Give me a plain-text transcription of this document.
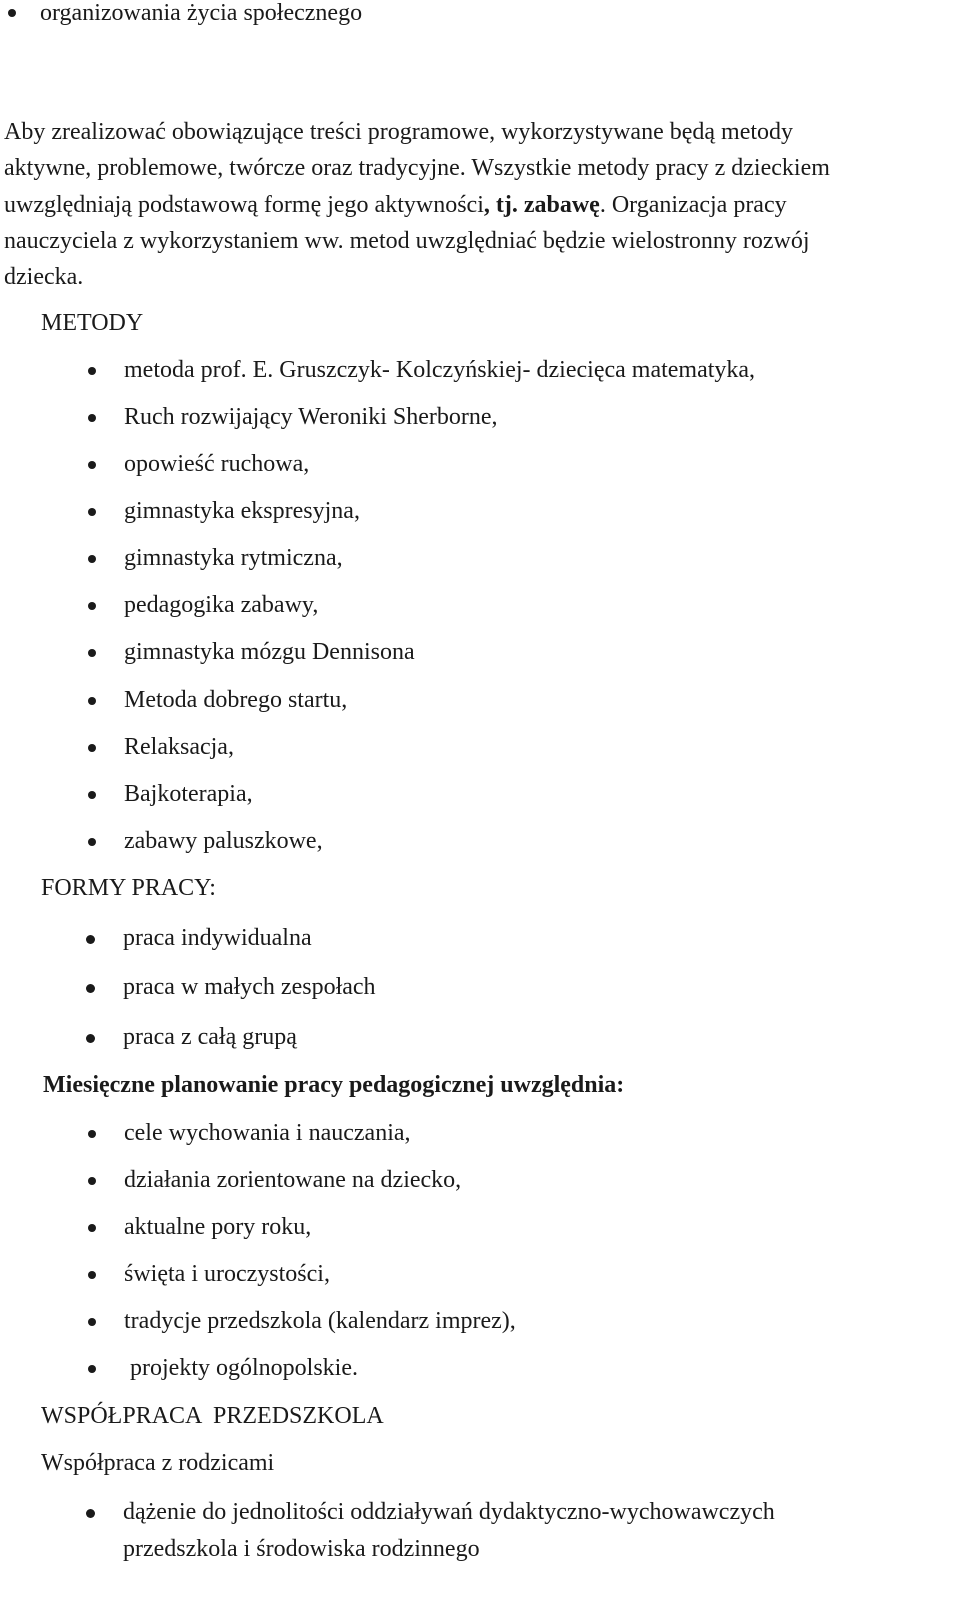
organizowania życia społecznego
Aby zrealizować obowiązujące treści programowe, wykorzystywane będą metody
aktywne, problemowe, twórcze oraz tradycyjne. Wszystkie metody pracy z dzieckiem
uwzględniają podstawową formę jego aktywności, tj. zabawę. Organizacja pracy
nauczyciela z wykorzystaniem ww. metod uwzględniać będzie wielostronny rozwój
dziecka.
METODY
metoda prof. E. Gruszczyk- Kolczyńskiej- dziecięca matematyka,
Ruch rozwijający Weroniki Sherborne,
opowieść ruchowa,
gimnastyka ekspresyjna,
gimnastyka rytmiczna,
pedagogika zabawy,
gimnastyka mózgu Dennisona
Metoda dobrego startu,
Relaksacja,
Bajkoterapia,
zabawy paluszkowe,
FORMY PRACY:
praca indywidualna
praca w małych zespołach
praca z całą grupą
Miesięczne planowanie pracy pedagogicznej uwzględnia:
cele wychowania i nauczania,
działania zorientowane na dziecko,
aktualne pory roku,
święta i uroczystości,
tradycje przedszkola (kalendarz imprez),
projekty ogólnopolskie.
WSPÓŁPRACA  PRZEDSZKOLA
Współpraca z rodzicami
dążenie do jednolitości oddziaływań dydaktyczno-wychowawczych
przedszkola i środowiska rodzinnego
